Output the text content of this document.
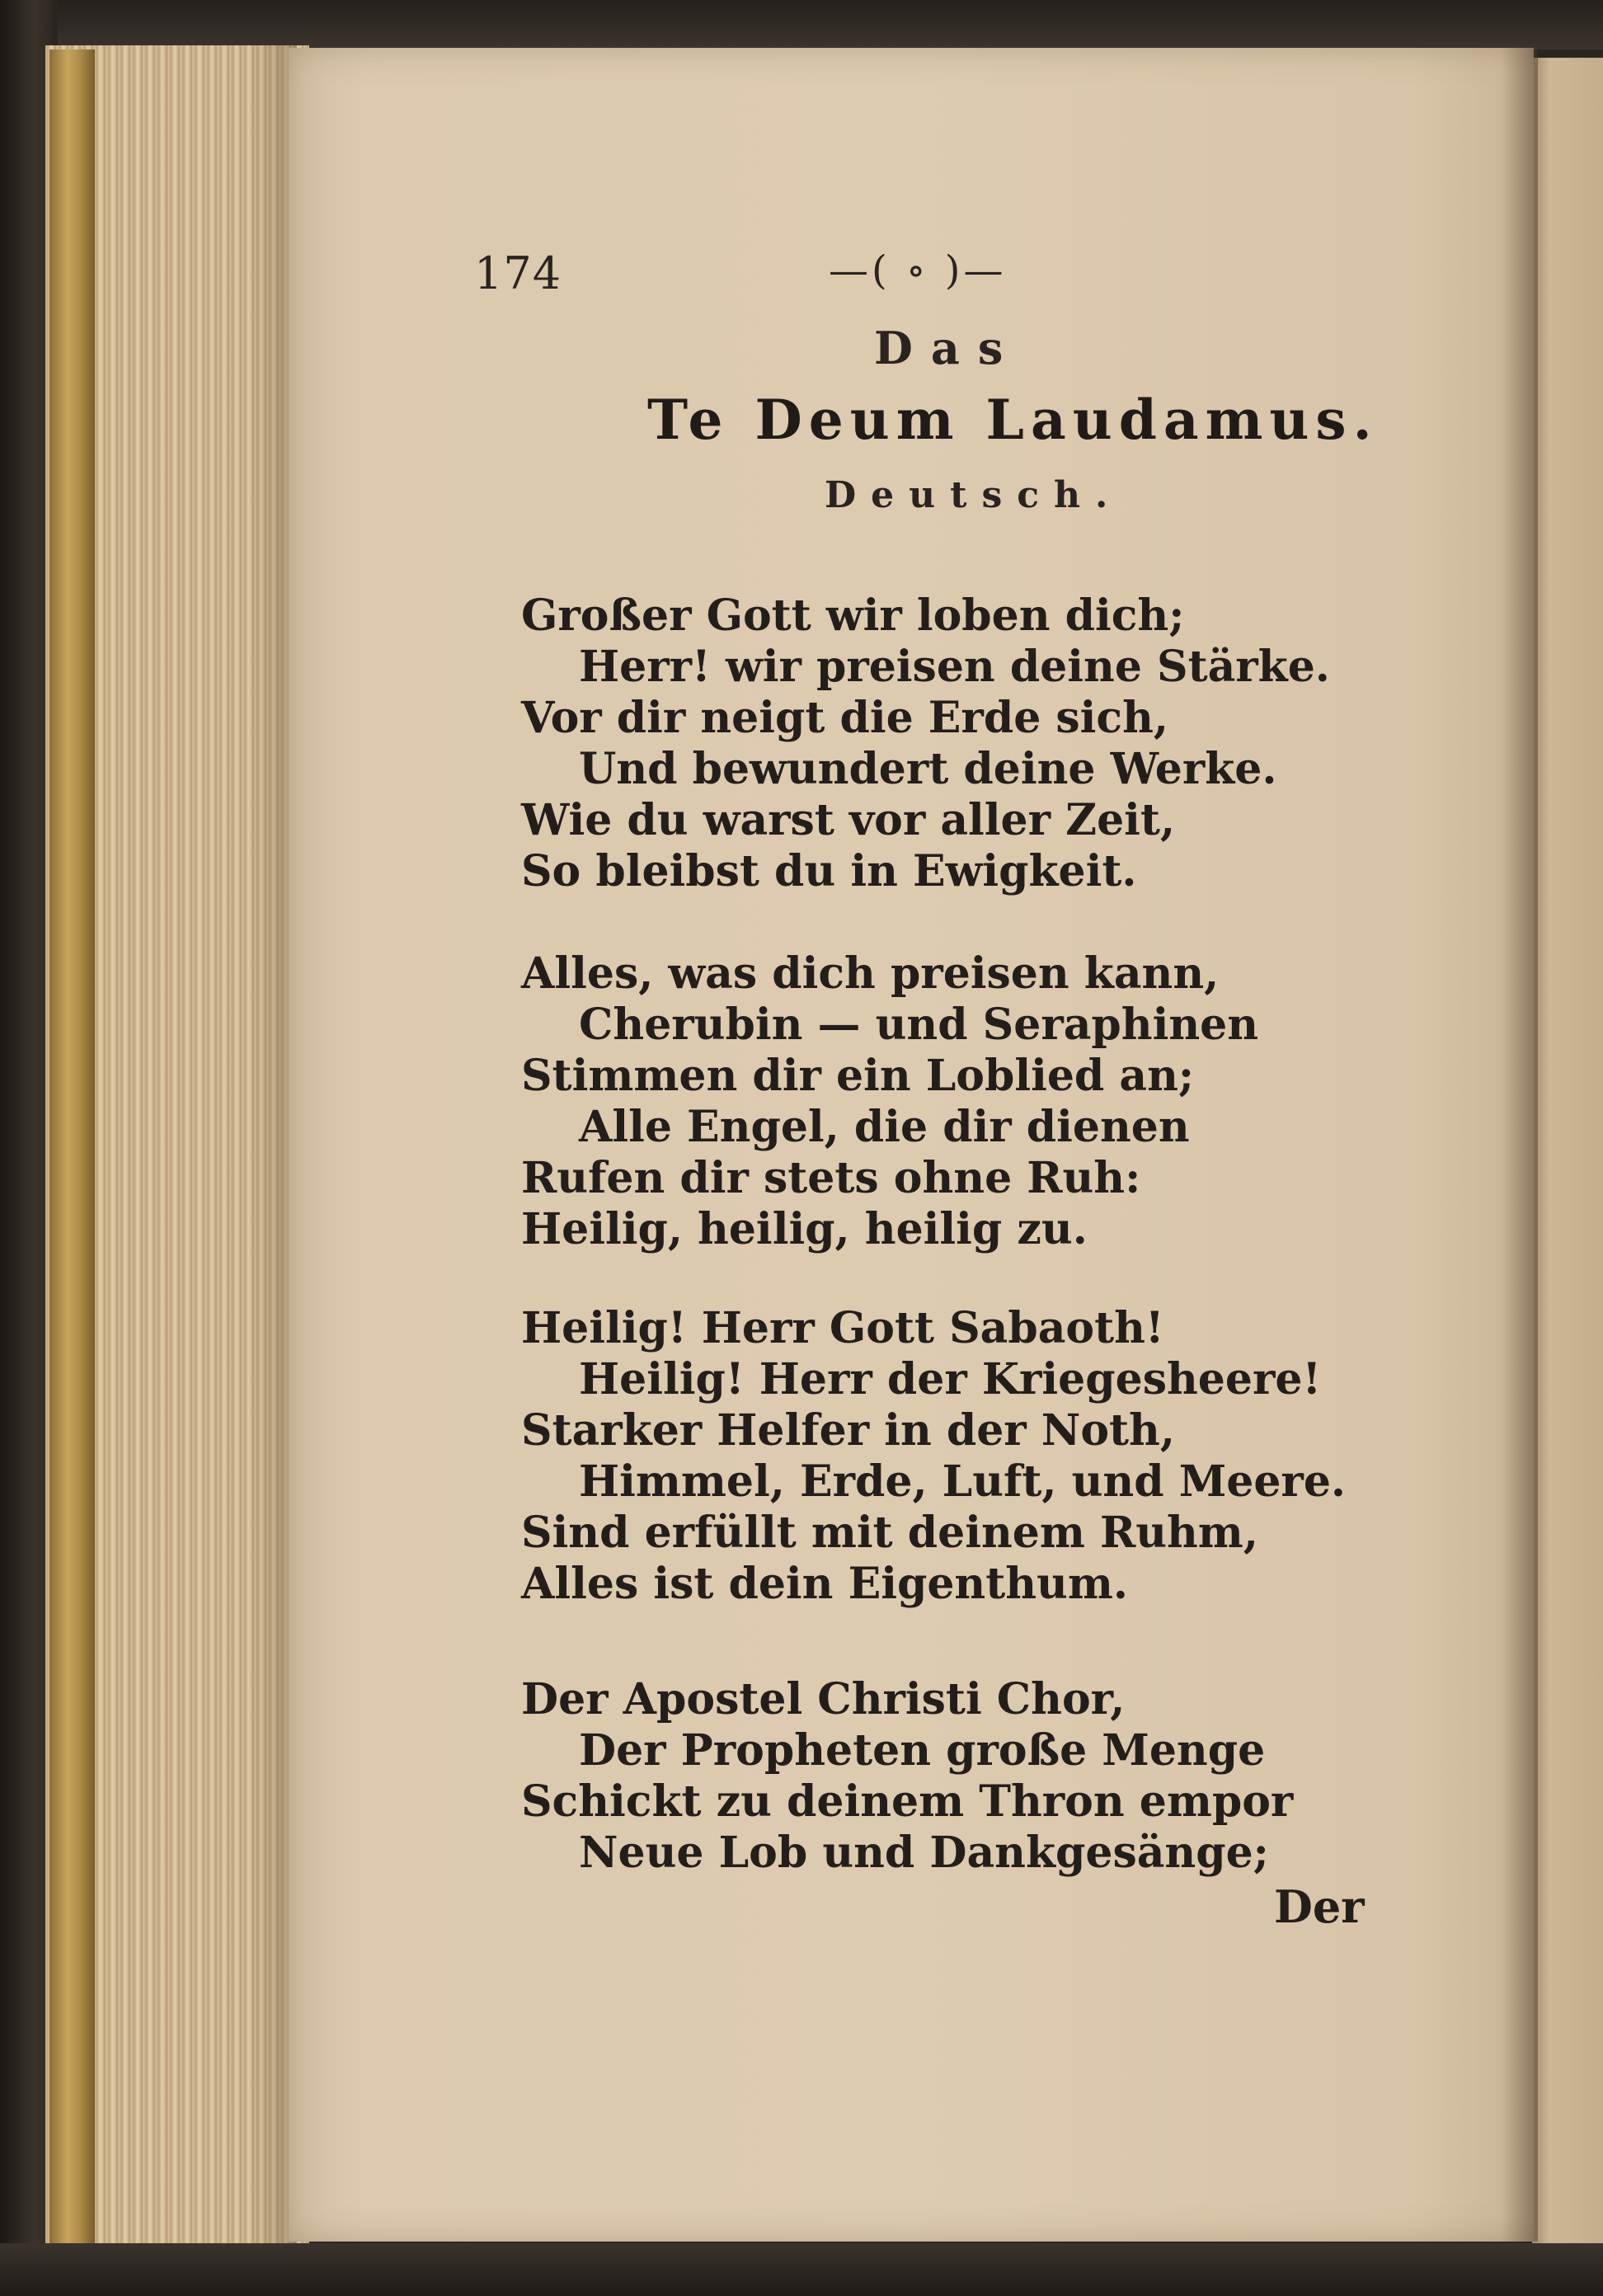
174	—( ∘ )—
Das
Te Deum Laudamus.
Deutsch.
Großer Gott wir loben dich;
Herr! wir preisen deine Stärke.
Vor dir neigt die Erde sich,
Und bewundert deine Werke.
Wie du warst vor aller Zeit,
So bleibst du in Ewigkeit.
Alles, was dich preisen kann,
Cherubin — und Seraphinen
Stimmen dir ein Loblied an;
Alle Engel, die dir dienen
Rufen dir stets ohne Ruh:
Heilig, heilig, heilig zu.
Heilig! Herr Gott Sabaoth!
Heilig! Herr der Kriegesheere!
Starker Helfer in der Noth,
Himmel, Erde, Luft, und Meere.
Sind erfüllt mit deinem Ruhm,
Alles ist dein Eigenthum.
Der Apostel Christi Chor,
Der Propheten große Menge
Schickt zu deinem Thron empor
Neue Lob und Dankgesänge;
Der
